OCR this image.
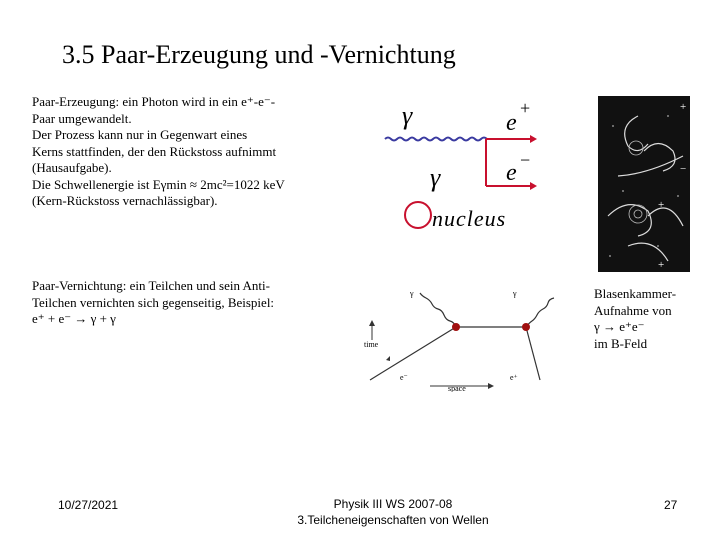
3.5 Paar-Erzeugung und -Vernichtung
Paar-Erzeugung: ein Photon wird in ein e⁺-e⁻-
Paar umgewandelt.
Der Prozess kann nur in Gegenwart eines
Kerns stattfinden, der den Rückstoss aufnimmt
(Hausaufgabe).
Die Schwellenergie ist Eγmin ≈ 2mc²=1022 keV
(Kern-Rückstoss vernachlässigbar).
Paar-Vernichtung: ein Teilchen und sein Anti-
Teilchen vernichten sich gegenseitig, Beispiel:
e⁺ + e⁻ → γ + γ
γ	e
+
e −
γ
nucleus
+
−
+
+
γ	γ
time
e⁻	e⁺
space
Blasenkammer-
Aufnahme von
γ → e⁺e⁻
im B-Feld
10/27/2021	Physik III WS 2007-08
3.Teilcheneigenschaften von Wellen
27
